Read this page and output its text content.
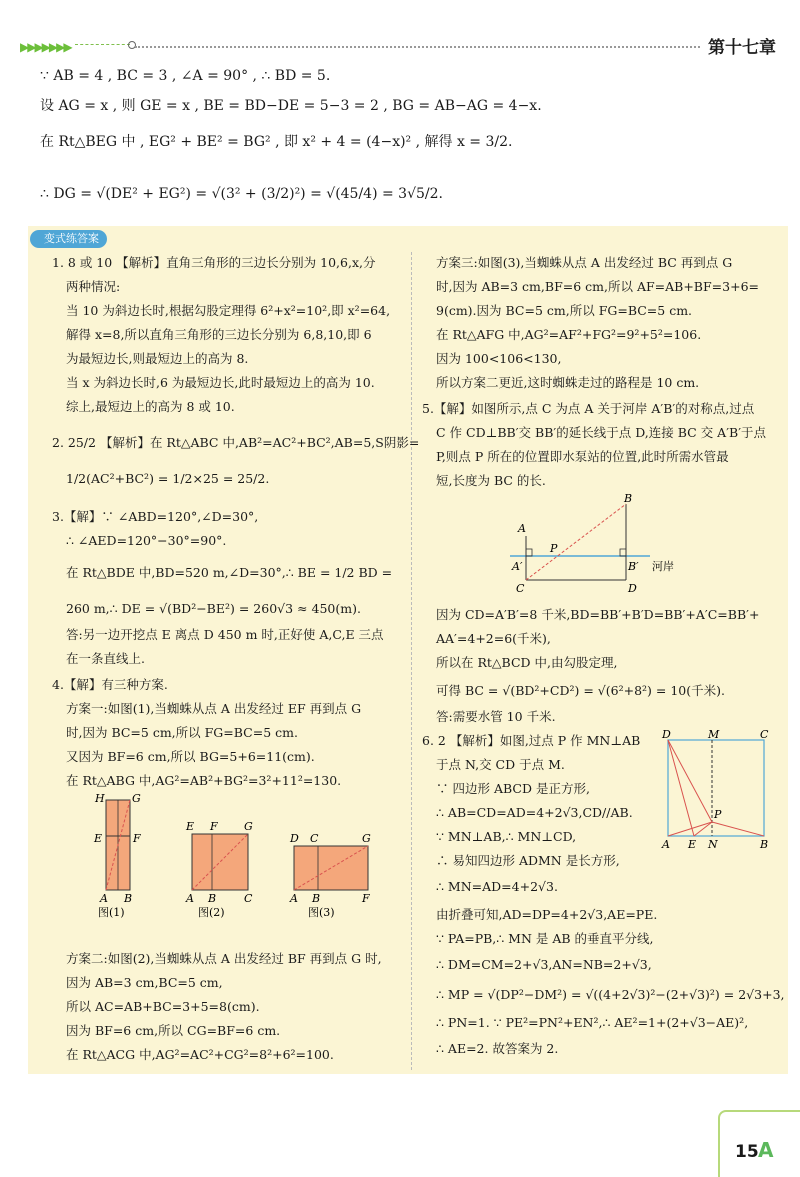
▶▶▶▶▶▶▶	第十七章
∵ AB = 4 , BC = 3 , ∠A = 90° , ∴ BD = 5.
设 AG = x , 则 GE = x , BE = BD−DE = 5−3 = 2 , BG = AB−AG = 4−x.
在 Rt△BEG 中 , EG² + BE² = BG² , 即 x² + 4 = (4−x)² , 解得 x = 3/2.
∴ DG = √(DE² + EG²) = √(3² + (3/2)²) = √(45/4) = 3√5/2.
变式练答案
1. 8 或 10 【解析】直角三角形的三边长分别为 10,6,x,分
两种情况:
当 10 为斜边长时,根据勾股定理得 6²+x²=10²,即 x²=64,
解得 x=8,所以直角三角形的三边长分别为 6,8,10,即 6
为最短边长,则最短边上的高为 8.
当 x 为斜边长时,6 为最短边长,此时最短边上的高为 10.
综上,最短边上的高为 8 或 10.
2. 25/2 【解析】在 Rt△ABC 中,AB²=AC²+BC²,AB=5,S阴影=
1/2(AC²+BC²) = 1/2×25 = 25/2.
3.【解】∵ ∠ABD=120°,∠D=30°,
∴ ∠AED=120°−30°=90°.
在 Rt△BDE 中,BD=520 m,∠D=30°,∴ BE = 1/2 BD =
260 m,∴ DE = √(BD²−BE²) = 260√3 ≈ 450(m).
答:另一边开挖点 E 离点 D 450 m 时,正好使 A,C,E 三点
在一条直线上.
4.【解】有三种方案.
方案一:如图(1),当蜘蛛从点 A 出发经过 EF 再到点 G
时,因为 BC=5 cm,所以 FG=BC=5 cm.
又因为 BF=6 cm,所以 BG=5+6=11(cm).
在 Rt△ABG 中,AG²=AB²+BG²=3²+11²=130.
H G
E	F
A B
图(1)
E F G
A B	C
图(2)
D C	G
A B	F
图(3)
方案二:如图(2),当蜘蛛从点 A 出发经过 BF 再到点 G 时,
因为 AB=3 cm,BC=5 cm,
所以 AC=AB+BC=3+5=8(cm).
因为 BF=6 cm,所以 CG=BF=6 cm.
在 Rt△ACG 中,AG²=AC²+CG²=8²+6²=100.
方案三:如图(3),当蜘蛛从点 A 出发经过 BC 再到点 G
时,因为 AB=3 cm,BF=6 cm,所以 AF=AB+BF=3+6=
9(cm).因为 BC=5 cm,所以 FG=BC=5 cm.
在 Rt△AFG 中,AG²=AF²+FG²=9²+5²=106.
因为 100<106<130,
所以方案二更近,这时蜘蛛走过的路程是 10 cm.
5.【解】如图所示,点 C 为点 A 关于河岸 A′B′的对称点,过点
C 作 CD⊥BB′交 BB′的延长线于点 D,连接 BC 交 A′B′于点
P,则点 P 所在的位置即水泵站的位置,此时所需水管最
短,长度为 BC 的长.
A
B
A′
P
B′
C	D
河岸
因为 CD=A′B′=8 千米,BD=BB′+B′D=BB′+A′C=BB′+
AA′=4+2=6(千米),
所以在 Rt△BCD 中,由勾股定理,
可得 BC = √(BD²+CD²) = √(6²+8²) = 10(千米).
答:需要水管 10 千米.
6. 2 【解析】如图,过点 P 作 MN⊥AB
于点 N,交 CD 于点 M.
∵ 四边形 ABCD 是正方形,
∴ AB=CD=AD=4+2√3,CD//AB.
∵ MN⊥AB,∴ MN⊥CD,
∴ 易知四边形 ADMN 是长方形,
∴ MN=AD=4+2√3.
D	M	C
P
A E N	B
由折叠可知,AD=DP=4+2√3,AE=PE.
∵ PA=PB,∴ MN 是 AB 的垂直平分线,
∴ DM=CM=2+√3,AN=NB=2+√3,
∴ MP = √(DP²−DM²) = √((4+2√3)²−(2+√3)²) = 2√3+3,
∴ PN=1. ∵ PE²=PN²+EN²,∴ AE²=1+(2+√3−AE)²,
∴ AE=2. 故答案为 2.
15 A
